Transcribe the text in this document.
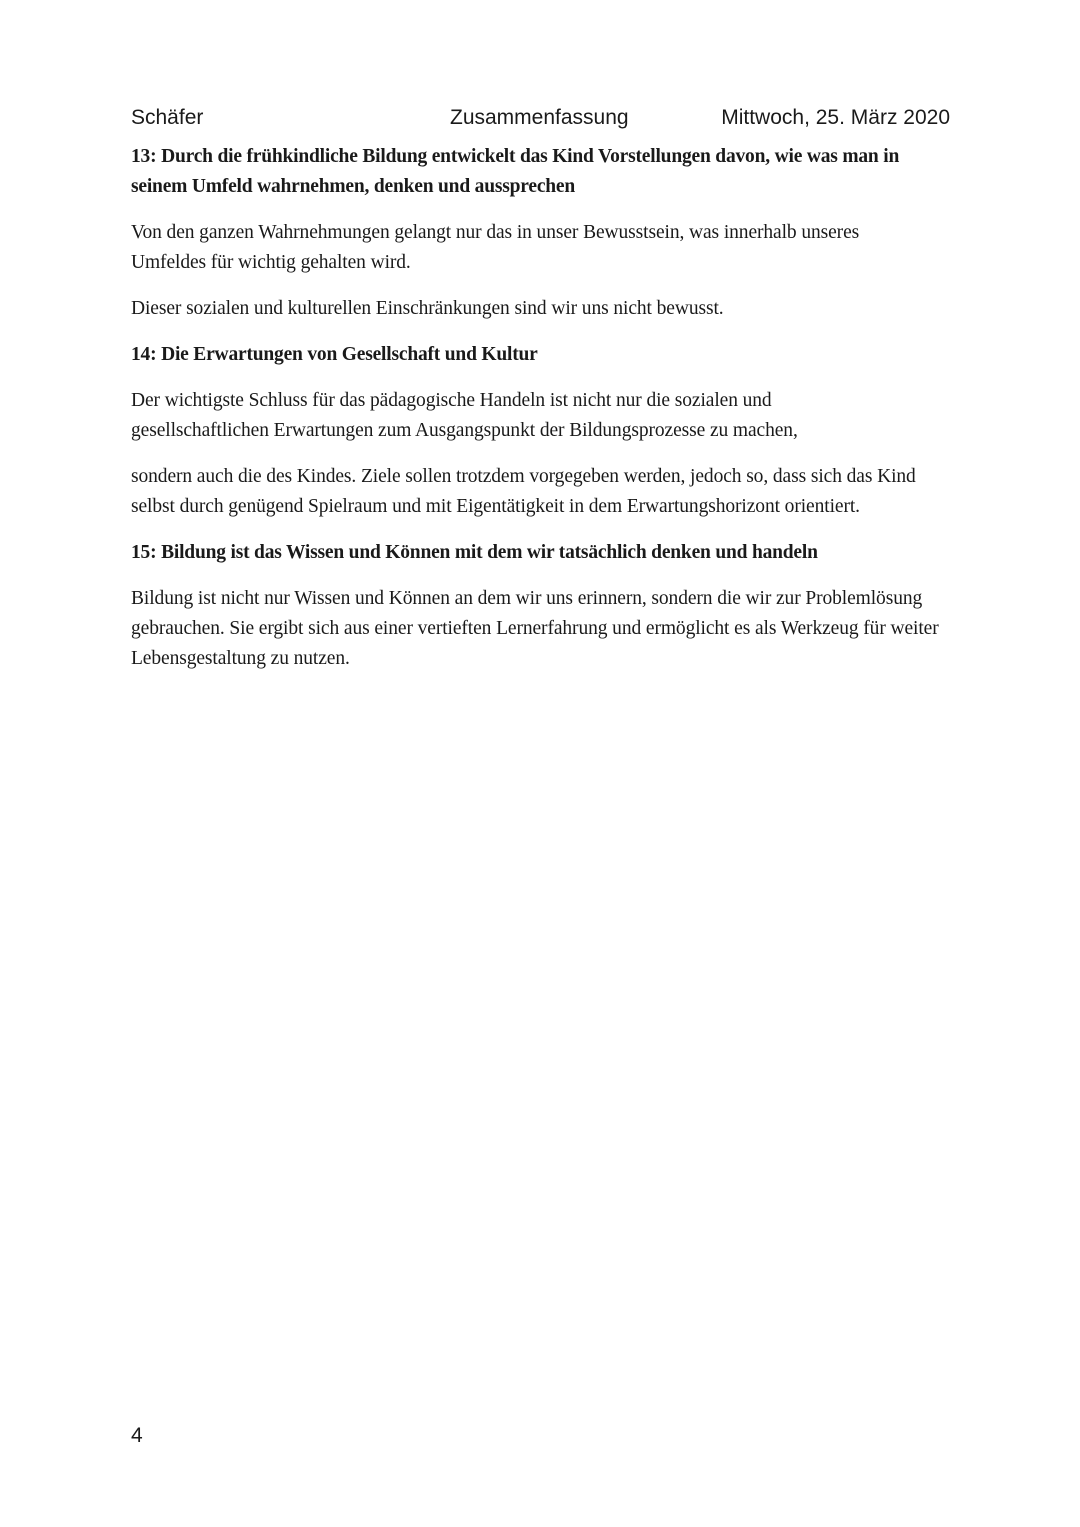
Schäfer	Zusammenfassung	Mittwoch, 25. März 2020

13: Durch die frühkindliche Bildung entwickelt das Kind Vorstellungen davon, wie was man in seinem Umfeld wahrnehmen, denken und aussprechen

Von den ganzen Wahrnehmungen gelangt nur das in unser Bewusstsein, was innerhalb unseres Umfeldes für wichtig gehalten wird.

Dieser sozialen und kulturellen Einschränkungen sind wir uns nicht bewusst.

14: Die Erwartungen von Gesellschaft und Kultur

Der wichtigste Schluss für das pädagogische Handeln ist nicht nur die sozialen und gesellschaftlichen Erwartungen zum Ausgangspunkt der Bildungsprozesse zu machen,

sondern auch die des Kindes. Ziele sollen trotzdem vorgegeben werden, jedoch so, dass sich das Kind selbst durch genügend Spielraum und mit Eigentätigkeit in dem Erwartungshorizont orientiert.

15: Bildung ist das Wissen und Können mit dem wir tatsächlich denken und handeln

Bildung ist nicht nur Wissen und Können an dem wir uns erinnern, sondern die wir zur Problemlösung gebrauchen. Sie ergibt sich aus einer vertieften Lernerfahrung und ermöglicht es als Werkzeug für weiter Lebensgestaltung zu nutzen.

4
